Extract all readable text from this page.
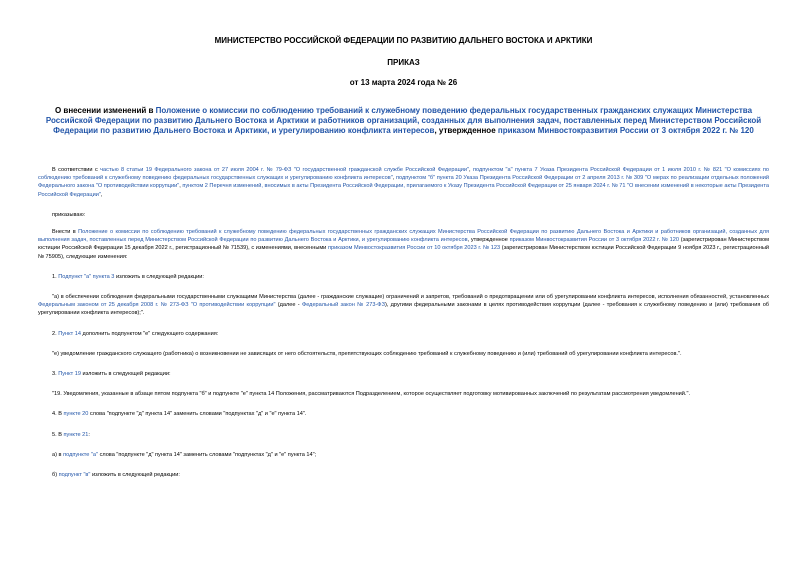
МИНИСТЕРСТВО РОССИЙСКОЙ ФЕДЕРАЦИИ ПО РАЗВИТИЮ ДАЛЬНЕГО ВОСТОКА И АРКТИКИ
ПРИКАЗ
от 13 марта 2024 года № 26
О внесении изменений в Положение о комиссии по соблюдению требований к служебному поведению федеральных государственных гражданских служащих Министерства Российской Федерации по развитию Дальнего Востока и Арктики и работников организаций, созданных для выполнения задач, поставленных перед Министерством Российской Федерации по развитию Дальнего Востока и Арктики, и урегулированию конфликта интересов, утвержденное приказом Минвостокразвития России от 3 октября 2022 г. № 120

В соответствии с частью 8 статьи 19 Федерального закона от 27 июля 2004 г. № 79-ФЗ "О государственной гражданской службе Российской Федерации", подпунктом "а" пункта 7 Указа Президента Российской Федерации от 1 июля 2010 г. № 821 "О комиссиях по соблюдению требований к служебному поведению федеральных государственных служащих и урегулированию конфликта интересов", подпунктом "б" пункта 20 Указа Президента Российской Федерации от 2 апреля 2013 г. № 309 "О мерах по реализации отдельных положений Федерального закона "О противодействии коррупции", пунктом 2 Перечня изменений, вносимых в акты Президента Российской Федерации, прилагаемого к Указу Президента Российской Федерации от 25 января 2024 г. № 71 "О внесении изменений в некоторые акты Президента Российской Федерации",

приказываю:

Внести в Положение о комиссии по соблюдению требований к служебному поведению федеральных государственных гражданских служащих Министерства Российской Федерации по развитию Дальнего Востока и Арктики и работников организаций, созданных для выполнения задач, поставленных перед Министерством Российской Федерации по развитию Дальнего Востока и Арктики, и урегулированию конфликта интересов, утвержденное приказом Минвостокразвития России от 3 октября 2022 г. № 120 (зарегистрирован Министерством юстиции Российской Федерации 15 декабря 2022 г., регистрационный № 71539), с изменениями, внесенными приказом Минвостокразвития России от 10 октября 2023 г. № 123 (зарегистрирован Министерством юстиции Российской Федерации 9 ноября 2023 г., регистрационный № 75905), следующие изменения:

1. Подпункт "а" пункта 3 изложить в следующей редакции:

"а) в обеспечении соблюдения федеральными государственными служащими Министерства (далее - гражданские служащие) ограничений и запретов, требований о предотвращении или об урегулировании конфликта интересов, исполнения обязанностей, установленных Федеральным законом от 25 декабря 2008 г. № 273-ФЗ "О противодействии коррупции" (далее - Федеральный закон № 273-ФЗ), другими федеральными законами в целях противодействия коррупции (далее - требования к служебному поведению и (или) требования об урегулировании конфликта интересов);".

2. Пункт 14 дополнить подпунктом "е" следующего содержания:

"е) уведомление гражданского служащего (работника) о возникновении не зависящих от него обстоятельств, препятствующих соблюдению требований к служебному поведению и (или) требований об урегулировании конфликта интересов.".

3. Пункт 19 изложить в следующей редакции:

"19. Уведомления, указанные в абзаце пятом подпункта "б" и подпункте "е" пункта 14 Положения, рассматриваются Подразделением, которое осуществляет подготовку мотивированных заключений по результатам рассмотрения уведомлений.".

4. В пункте 20 слова "подпункте "д" пункта 14" заменить словами "подпунктах "д" и "е" пункта 14".

5. В пункте 21:

а) в подпункте "а" слова "подпункте "д" пункта 14" заменить словами "подпунктах "д" и "е" пункта 14";

б) подпункт "в" изложить в следующей редакции:
